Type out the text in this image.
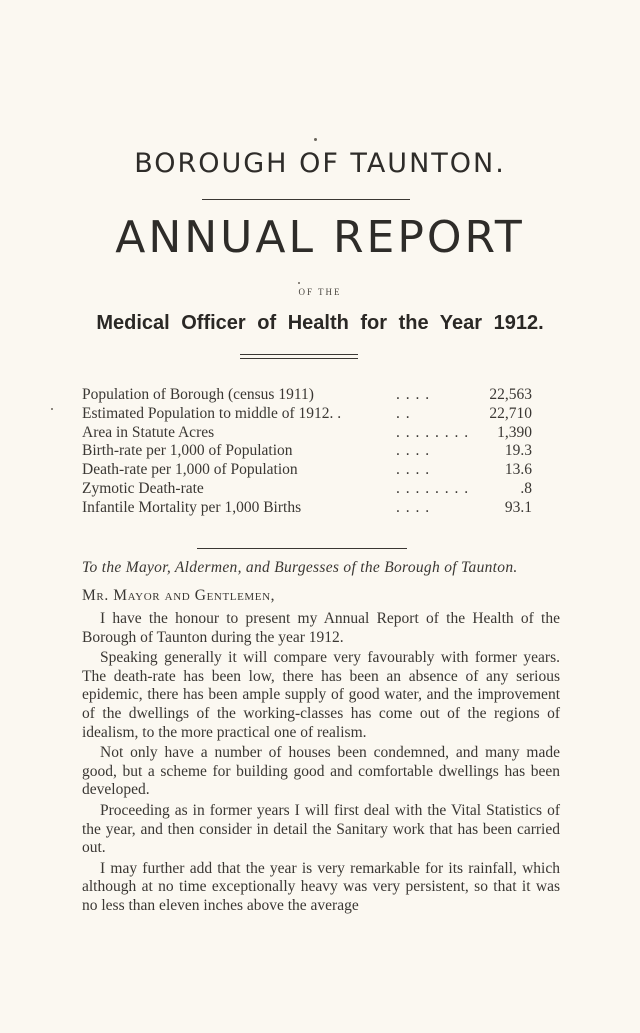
BOROUGH OF TAUNTON.
ANNUAL REPORT
OF THE
Medical Officer of Health for the Year 1912.
Population of Borough (census 1911)	. . . .	22,563
Estimated Population to middle of 1912. .	. .	22,710
Area in Statute Acres	. . . . . . . .	1,390
Birth-rate per 1,000 of Population	. . . .	19.3
Death-rate per 1,000 of Population	. . . .	13.6
Zymotic Death-rate	. . . . . . . .	.8
Infantile Mortality per 1,000 Births	. . . .	93.1
To the Mayor, Aldermen, and Burgesses of the Borough of Taunton.
Mr. Mayor and Gentlemen,

I have the honour to present my Annual Report of the Health of the Borough of Taunton during the year 1912.

Speaking generally it will compare very favourably with former years. The death-rate has been low, there has been an absence of any serious epidemic, there has been ample supply of good water, and the improvement of the dwellings of the working-classes has come out of the regions of idealism, to the more practical one of realism.

Not only have a number of houses been condemned, and many made good, but a scheme for building good and comfortable dwellings has been developed.

Proceeding as in former years I will first deal with the Vital Statistics of the year, and then consider in detail the Sanitary work that has been carried out.

I may further add that the year is very remarkable for its rainfall, which although at no time exceptionally heavy was very persistent, so that it was no less than eleven inches above the average
